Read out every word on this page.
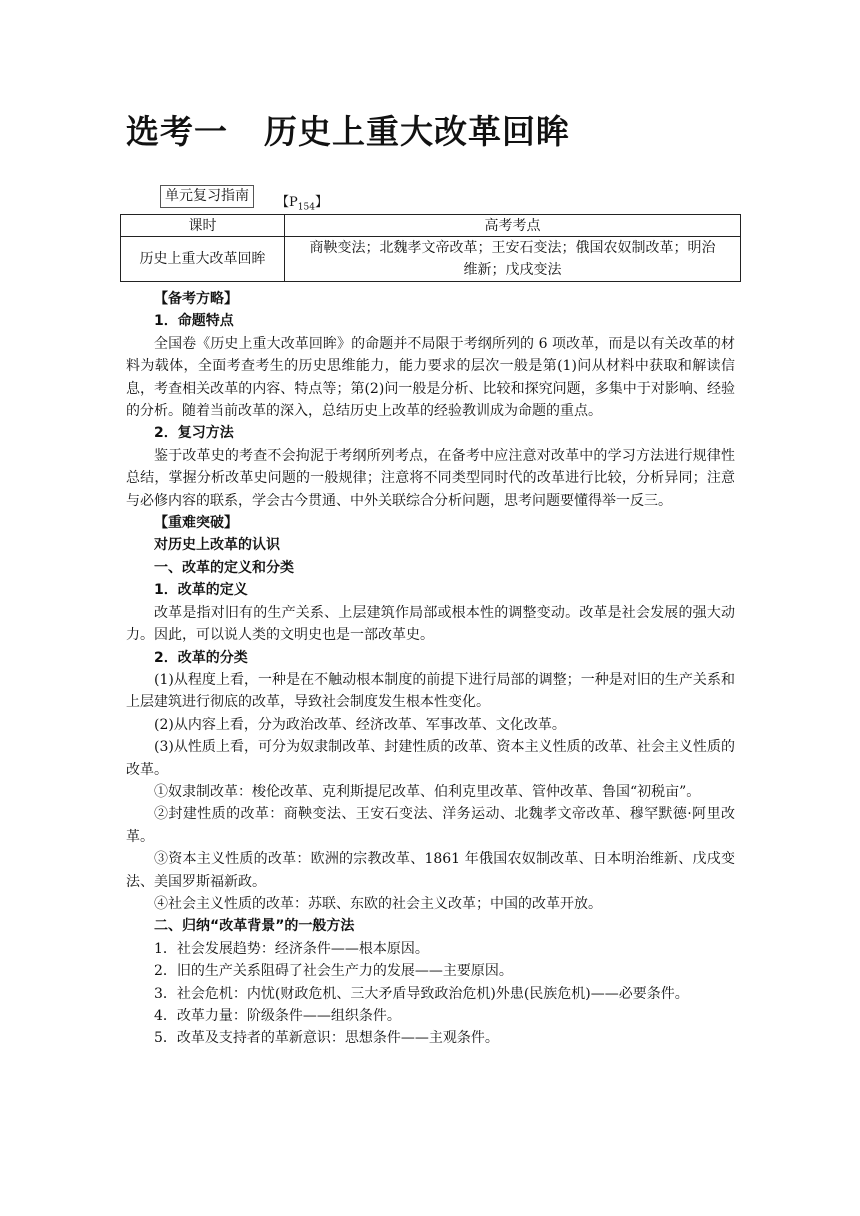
选考一 历史上重大改革回眸
单元复习指南	【$P_{154}$】
课时	高考考点
历史上重大改革回眸	商鞅变法；北魏孝文帝改革；王安石变法；俄国农奴制改革；明治
维新；戊戌变法

【备考方略】

1．命题特点

全国卷《历史上重大改革回眸》的命题并不局限于考纲所列的 6 项改革，而是以有关改革的材料为载体，全面考查考生的历史思维能力，能力要求的层次一般是第(1)问从材料中获取和解读信息，考查相关改革的内容、特点等；第(2)问一般是分析、比较和探究问题，多集中于对影响、经验的分析。随着当前改革的深入，总结历史上改革的经验教训成为命题的重点。

2．复习方法

鉴于改革史的考查不会拘泥于考纲所列考点，在备考中应注意对改革中的学习方法进行规律性总结，掌握分析改革史问题的一般规律；注意将不同类型同时代的改革进行比较，分析异同；注意与必修内容的联系，学会古今贯通、中外关联综合分析问题，思考问题要懂得举一反三。

【重难突破】

对历史上改革的认识

一、改革的定义和分类

1．改革的定义

改革是指对旧有的生产关系、上层建筑作局部或根本性的调整变动。改革是社会发展的强大动力。因此，可以说人类的文明史也是一部改革史。

2．改革的分类

(1)从程度上看，一种是在不触动根本制度的前提下进行局部的调整；一种是对旧的生产关系和上层建筑进行彻底的改革，导致社会制度发生根本性变化。

(2)从内容上看，分为政治改革、经济改革、军事改革、文化改革。

(3)从性质上看，可分为奴隶制改革、封建性质的改革、资本主义性质的改革、社会主义性质的改革。

①奴隶制改革：梭伦改革、克利斯提尼改革、伯利克里改革、管仲改革、鲁国“初税亩”。

②封建性质的改革：商鞅变法、王安石变法、洋务运动、北魏孝文帝改革、穆罕默德·阿里改革。

③资本主义性质的改革：欧洲的宗教改革、1861 年俄国农奴制改革、日本明治维新、戊戌变法、美国罗斯福新政。

④社会主义性质的改革：苏联、东欧的社会主义改革；中国的改革开放。

二、归纳“改革背景”的一般方法

1．社会发展趋势：经济条件——根本原因。

2．旧的生产关系阻碍了社会生产力的发展——主要原因。

3．社会危机：内忧(财政危机、三大矛盾导致政治危机)外患(民族危机)——必要条件。

4．改革力量：阶级条件——组织条件。

5．改革及支持者的革新意识：思想条件——主观条件。
